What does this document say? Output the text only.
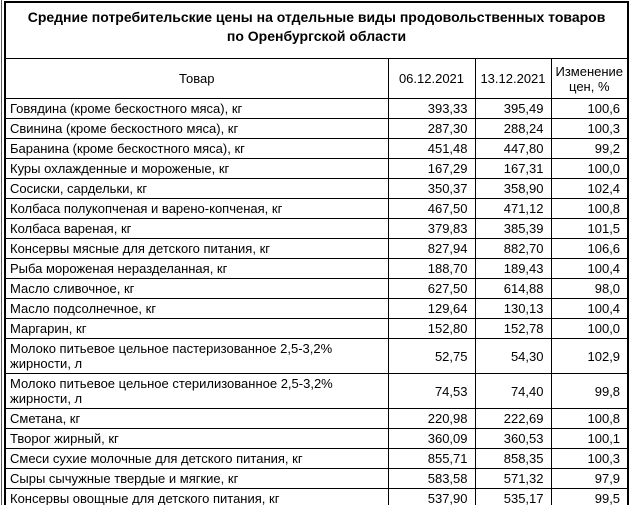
Средние потребительские цены на отдельные виды продовольственных товаров
по Оренбургской области			

Товар	06.12.2021	13.12.2021	Изменение цен, %
Говядина (кроме бескостного мяса), кг	393,33	395,49	100,6
Свинина (кроме бескостного мяса), кг	287,30	288,24	100,3
Баранина (кроме бескостного мяса), кг	451,48	447,80	99,2
Куры охлажденные и мороженые, кг	167,29	167,31	100,0
Сосиски, сардельки, кг	350,37	358,90	102,4
Колбаса полукопченая и варено-копченая, кг	467,50	471,12	100,8
Колбаса вареная, кг	379,83	385,39	101,5
Консервы мясные для детского питания, кг	827,94	882,70	106,6
Рыба мороженая неразделанная, кг	188,70	189,43	100,4
Масло сливочное, кг	627,50	614,88	98,0
Масло подсолнечное, кг	129,64	130,13	100,4
Маргарин, кг	152,80	152,78	100,0
Молоко питьевое цельное пастеризованное 2,5-3,2% жирности, л	52,75	54,30	102,9
Молоко питьевое цельное стерилизованное 2,5-3,2% жирности, л	74,53	74,40	99,8
Сметана, кг	220,98	222,69	100,8
Творог жирный, кг	360,09	360,53	100,1
Смеси сухие молочные для детского питания, кг	855,71	858,35	100,3
Сыры сычужные твердые и мягкие, кг	583,58	571,32	97,9
Консервы овощные для детского питания, кг	537,90	535,17	99,5
